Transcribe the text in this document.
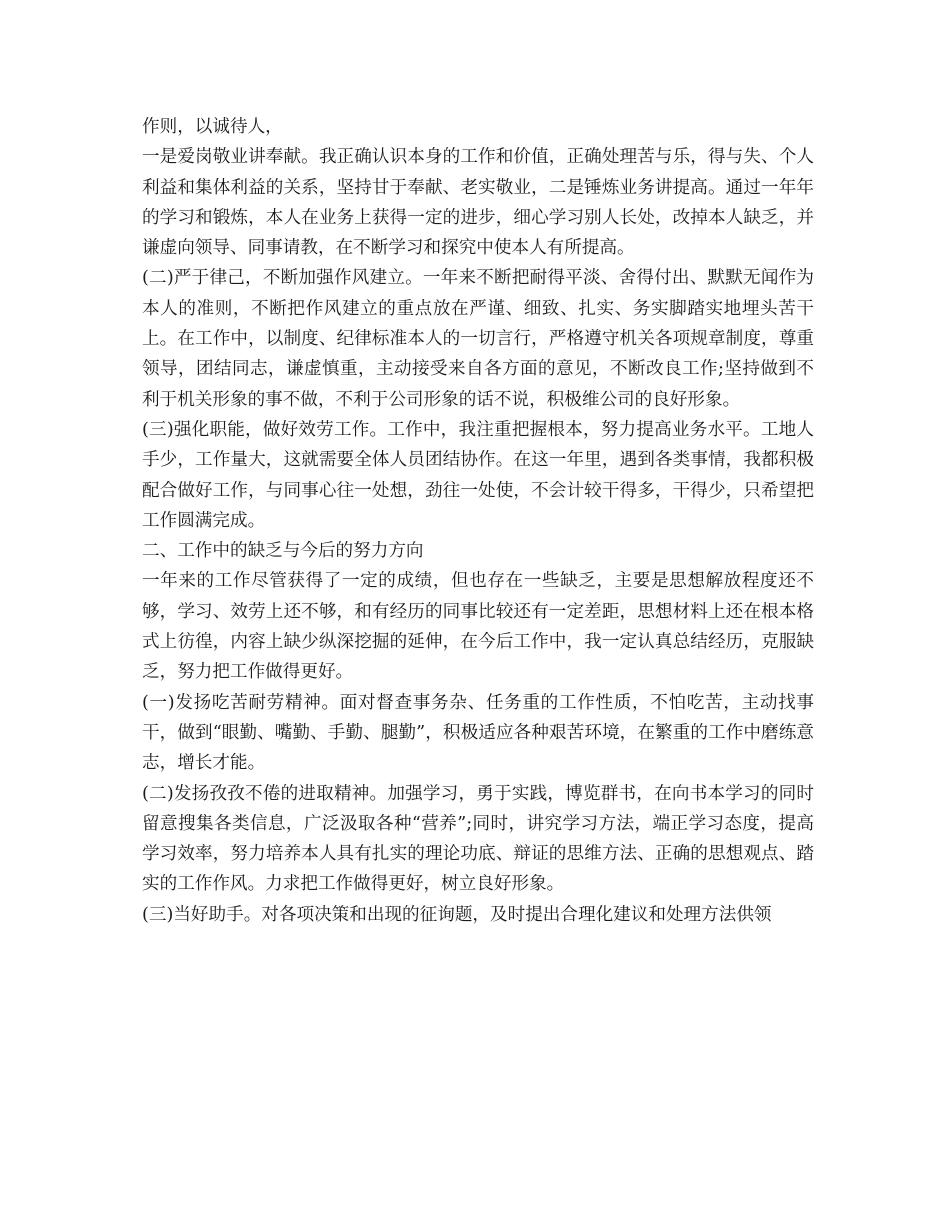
作则，以诚待人，

一是爱岗敬业讲奉献。我正确认识本身的工作和价值，正确处理苦与乐，得与失、个人利益和集体利益的关系，坚持甘于奉献、老实敬业，二是锤炼业务讲提高。通过一年年的学习和锻炼，本人在业务上获得一定的进步，细心学习别人长处，改掉本人缺乏，并谦虚向领导、同事请教，在不断学习和探究中使本人有所提高。

(二)严于律己，不断加强作风建立。一年来不断把耐得平淡、舍得付出、默默无闻作为本人的准则，不断把作风建立的重点放在严谨、细致、扎实、务实脚踏实地埋头苦干上。在工作中，以制度、纪律标准本人的一切言行，严格遵守机关各项规章制度，尊重领导，团结同志，谦虚慎重，主动接受来自各方面的意见，不断改良工作;坚持做到不利于机关形象的事不做，不利于公司形象的话不说，积极维公司的良好形象。

(三)强化职能，做好效劳工作。工作中，我注重把握根本，努力提高业务水平。工地人手少，工作量大，这就需要全体人员团结协作。在这一年里，遇到各类事情，我都积极配合做好工作，与同事心往一处想，劲往一处使，不会计较干得多，干得少，只希望把工作圆满完成。

二、工作中的缺乏与今后的努力方向

一年来的工作尽管获得了一定的成绩，但也存在一些缺乏，主要是思想解放程度还不够，学习、效劳上还不够，和有经历的同事比较还有一定差距，思想材料上还在根本格式上彷徨，内容上缺少纵深挖掘的延伸，在今后工作中，我一定认真总结经历，克服缺乏，努力把工作做得更好。

(一)发扬吃苦耐劳精神。面对督查事务杂、任务重的工作性质，不怕吃苦，主动找事干，做到“眼勤、嘴勤、手勤、腿勤”，积极适应各种艰苦环境，在繁重的工作中磨练意志，增长才能。

(二)发扬孜孜不倦的进取精神。加强学习，勇于实践，博览群书，在向书本学习的同时留意搜集各类信息，广泛汲取各种“营养”;同时，讲究学习方法，端正学习态度，提高学习效率，努力培养本人具有扎实的理论功底、辩证的思维方法、正确的思想观点、踏实的工作作风。力求把工作做得更好，树立良好形象。

(三)当好助手。对各项决策和出现的征询题，及时提出合理化建议和处理方法供领
